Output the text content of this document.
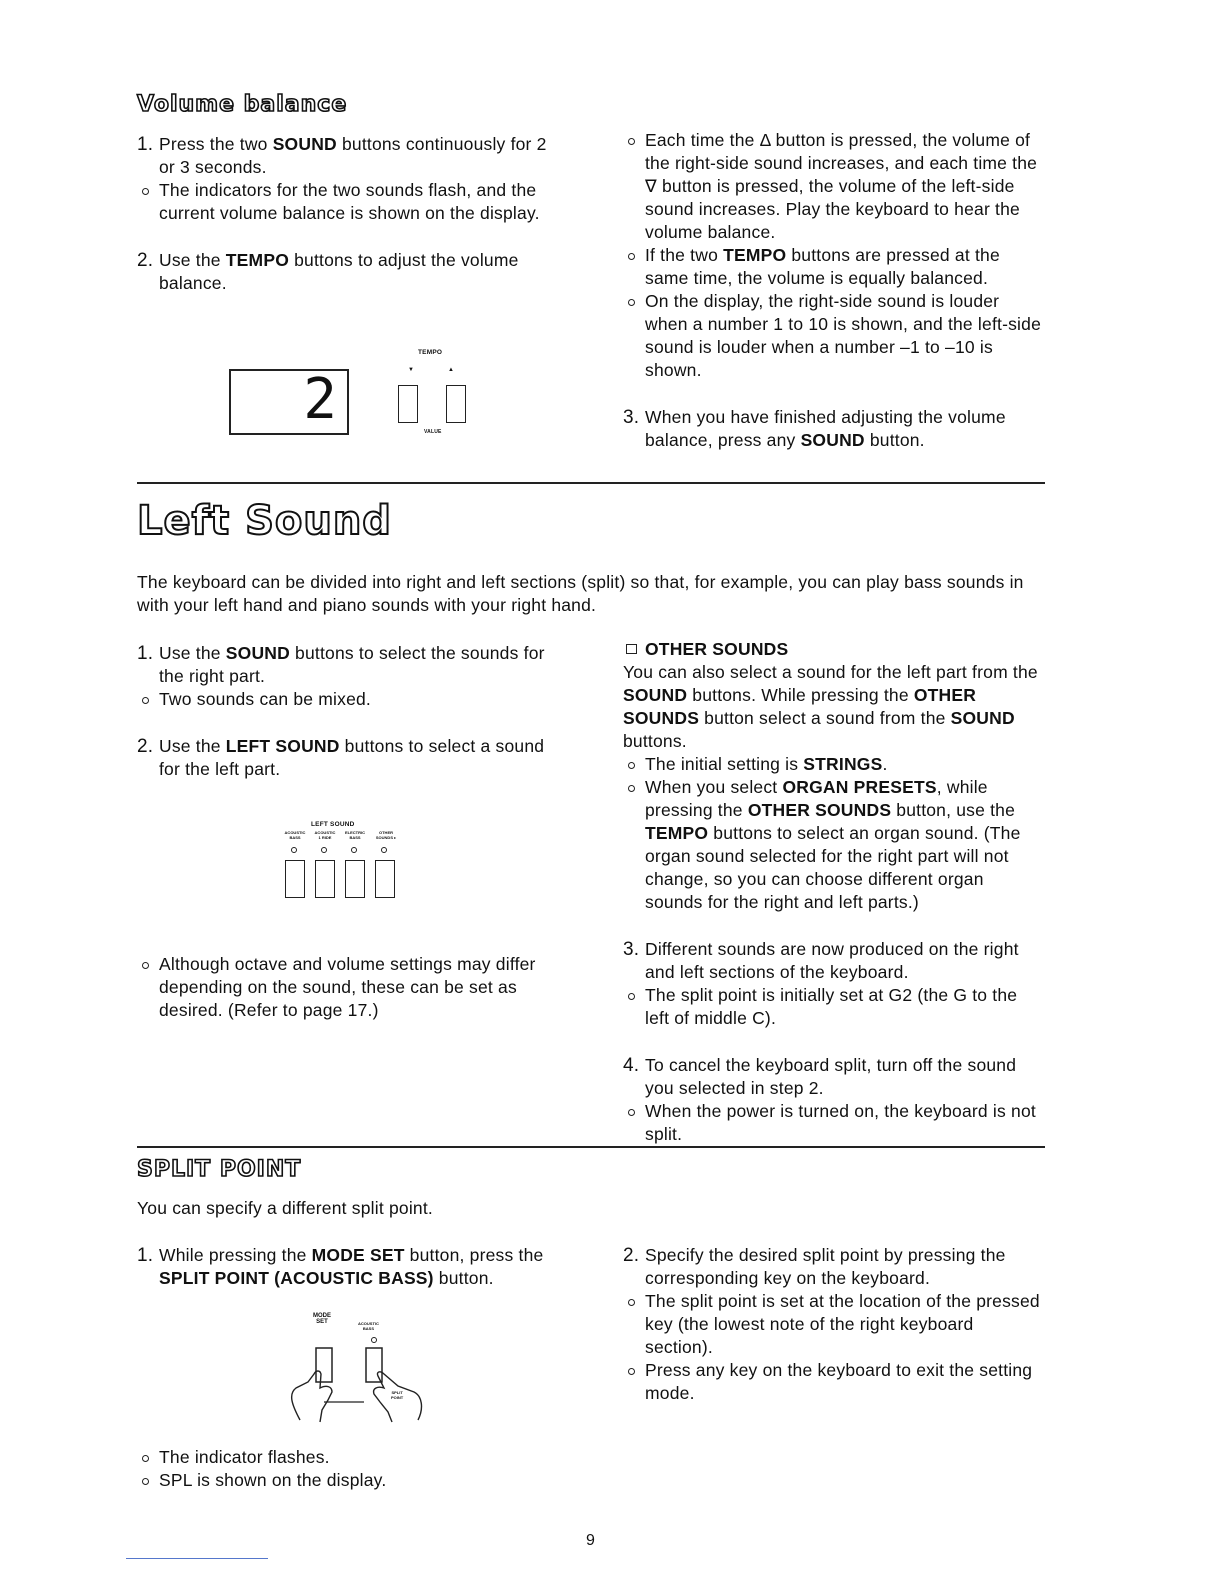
Volume balance
1. Press the two SOUND buttons continuously for 2 or 3 seconds.
The indicators for the two sounds flash, and the current volume balance is shown on the display.
2. Use the TEMPO buttons to adjust the volume balance.
2
TEMPO
▼	▲
VALUE
Each time the Δ button is pressed, the volume of the right-side sound increases, and each time the ∇ button is pressed, the volume of the left-side sound increases. Play the keyboard to hear the volume balance.
If the two TEMPO buttons are pressed at the same time, the volume is equally balanced.
On the display, the right-side sound is louder when a number 1 to 10 is shown, and the left-side sound is louder when a number –1 to –10 is shown.
3. When you have finished adjusting the volume balance, press any SOUND button.
Left Sound
The keyboard can be divided into right and left sections (split) so that, for example, you can play bass sounds in with your left hand and piano sounds with your right hand.
1. Use the SOUND buttons to select the sounds for the right part.
Two sounds can be mixed.
2. Use the LEFT SOUND buttons to select a sound for the left part.
LEFT SOUND
ACOUSTIC
BASS
ACOUSTIC
1 RIDE
ELECTRIC
BASS
OTHER
SOUNDS ▸
Although octave and volume settings may differ depending on the sound, these can be set as desired. (Refer to page 17.)
OTHER SOUNDS
You can also select a sound for the left part from the SOUND buttons. While pressing the OTHER SOUNDS button select a sound from the SOUND buttons.
The initial setting is STRINGS.
When you select ORGAN PRESETS, while pressing the OTHER SOUNDS button, use the TEMPO buttons to select an organ sound. (The organ sound selected for the right part will not change, so you can choose different organ sounds for the right and left parts.)
3. Different sounds are now produced on the right and left sections of the keyboard.
The split point is initially set at G2 (the G to the left of middle C).
4. To cancel the keyboard split, turn off the sound you selected in step 2.
When the power is turned on, the keyboard is not split.
SPLIT POINT
You can specify a different split point.
1. While pressing the MODE SET button, press the SPLIT POINT (ACOUSTIC BASS) button.
MODE
SET	ACOUSTIC
BASS
SPLIT
POINT
The indicator flashes.
SPL is shown on the display.
2. Specify the desired split point by pressing the corresponding key on the keyboard.
The split point is set at the location of the pressed key (the lowest note of the right keyboard section).
Press any key on the keyboard to exit the setting mode.
9
